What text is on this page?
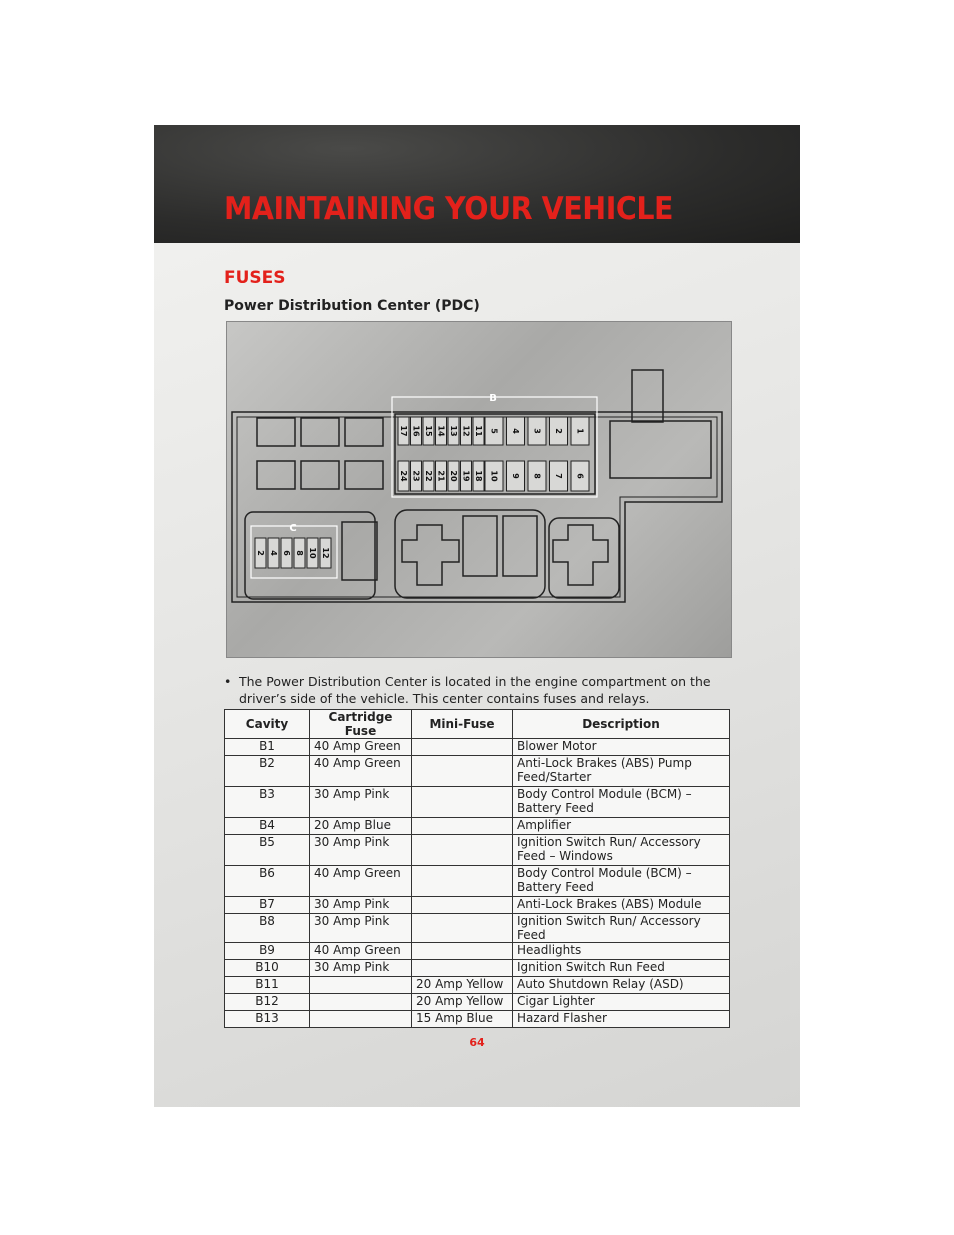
MAINTAINING YOUR VEHICLE
FUSES
Power Distribution Center (PDC)
B
C
17 16 15 14 13 12 11 5 4 3 2 1
24 23 22 21 20 19 18 10 9 8 7 6
2 4 6 8 10 12
• The Power Distribution Center is located in the engine compartment on the driver’s side of the vehicle. This center contains fuses and relays.
Cavity	Cartridge Fuse	Mini-Fuse	Description
B1	40 Amp Green		Blower Motor
B2	40 Amp Green		Anti-Lock Brakes (ABS) Pump Feed/Starter
B3	30 Amp Pink		Body Control Module (BCM) – Battery Feed
B4	20 Amp Blue		Amplifier
B5	30 Amp Pink		Ignition Switch Run/ Accessory Feed – Windows
B6	40 Amp Green		Body Control Module (BCM) – Battery Feed
B7	30 Amp Pink		Anti-Lock Brakes (ABS) Module
B8	30 Amp Pink		Ignition Switch Run/ Accessory Feed
B9	40 Amp Green		Headlights
B10	30 Amp Pink		Ignition Switch Run Feed
B11		20 Amp Yellow	Auto Shutdown Relay (ASD)
B12		20 Amp Yellow	Cigar Lighter
B13		15 Amp Blue	Hazard Flasher
64
